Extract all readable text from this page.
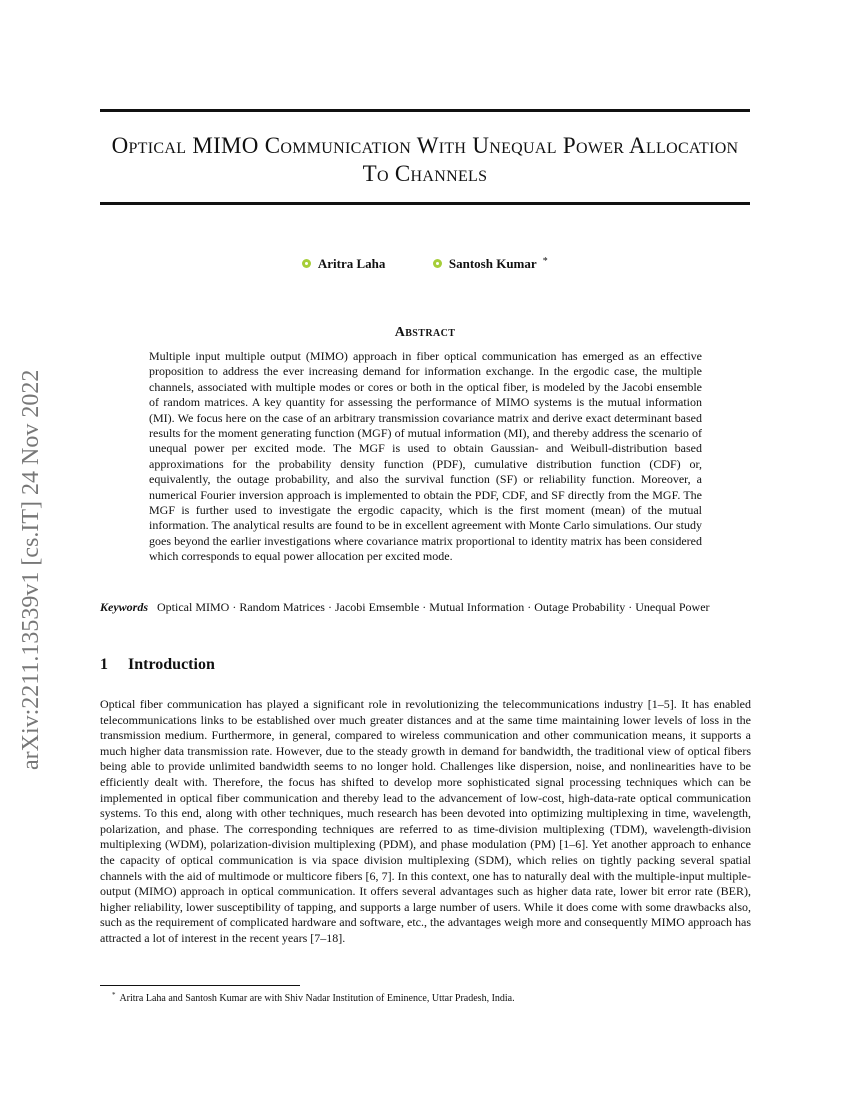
arXiv:2211.13539v1 [cs.IT] 24 Nov 2022
Optical MIMO Communication With Unequal Power Allocation To Channels
Aritra Laha	Santosh Kumar *
Abstract
Multiple input multiple output (MIMO) approach in fiber optical communication has emerged as an effective proposition to address the ever increasing demand for information exchange. In the ergodic case, the multiple channels, associated with multiple modes or cores or both in the optical fiber, is modeled by the Jacobi ensemble of random matrices. A key quantity for assessing the performance of MIMO systems is the mutual information (MI). We focus here on the case of an arbitrary transmission covariance matrix and derive exact determinant based results for the moment generating function (MGF) of mutual information (MI), and thereby address the scenario of unequal power per excited mode. The MGF is used to obtain Gaussian- and Weibull-distribution based approximations for the probability density function (PDF), cumulative distribution function (CDF) or, equivalently, the outage probability, and also the survival function (SF) or reliability function. Moreover, a numerical Fourier inversion approach is implemented to obtain the PDF, CDF, and SF directly from the MGF. The MGF is further used to investigate the ergodic capacity, which is the first moment (mean) of the mutual information. The analytical results are found to be in excellent agreement with Monte Carlo simulations. Our study goes beyond the earlier investigations where covariance matrix proportional to identity matrix has been considered which corresponds to equal power allocation per excited mode.
Keywords Optical MIMO · Random Matrices · Jacobi Emsemble · Mutual Information · Outage Probability · Unequal Power
1 Introduction
Optical fiber communication has played a significant role in revolutionizing the telecommunications industry [1–5]. It has enabled telecommunications links to be established over much greater distances and at the same time maintaining lower levels of loss in the transmission medium. Furthermore, in general, compared to wireless communication and other communication means, it supports a much higher data transmission rate. However, due to the steady growth in demand for bandwidth, the traditional view of optical fibers being able to provide unlimited bandwidth seems to no longer hold. Challenges like dispersion, noise, and nonlinearities have to be efficiently dealt with. Therefore, the focus has shifted to develop more sophisticated signal processing techniques which can be implemented in optical fiber communication and thereby lead to the advancement of low-cost, high-data-rate optical communication systems. To this end, along with other techniques, much research has been devoted into optimizing multiplexing in time, wavelength, polarization, and phase. The corresponding techniques are referred to as time-division multiplexing (TDM), wavelength-division multiplexing (WDM), polarization-division multiplexing (PDM), and phase modulation (PM) [1–6]. Yet another approach to enhance the capacity of optical communication is via space division multiplexing (SDM), which relies on tightly packing several spatial channels with the aid of multimode or multicore fibers [6, 7]. In this context, one has to naturally deal with the multiple-input multiple-output (MIMO) approach in optical communication. It offers several advantages such as higher data rate, lower bit error rate (BER), higher reliability, lower susceptibility of tapping, and supports a large number of users. While it does come with some drawbacks also, such as the requirement of complicated hardware and software, etc., the advantages weigh more and consequently MIMO approach has attracted a lot of interest in the recent years [7–18].
* Aritra Laha and Santosh Kumar are with Shiv Nadar Institution of Eminence, Uttar Pradesh, India.
